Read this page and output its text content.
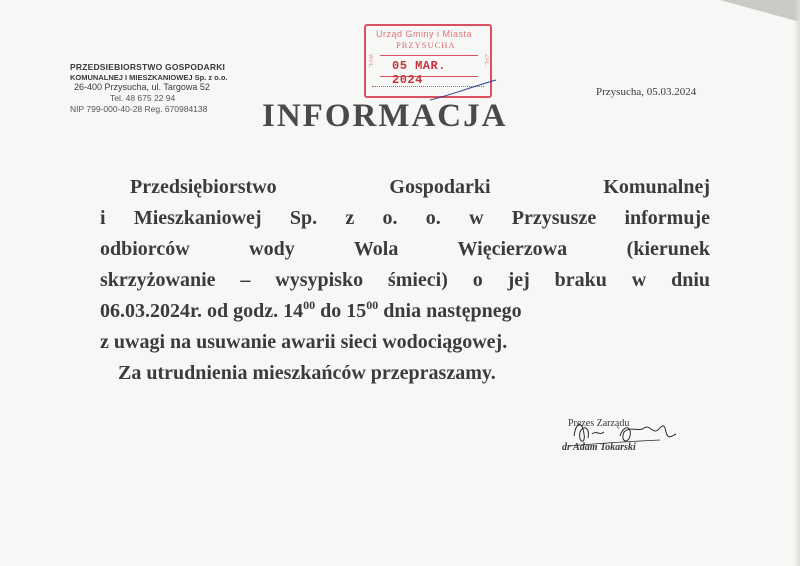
PRZEDSIEBIORSTWO GOSPODARKI
KOMUNALNEJ I MIESZKANIOWEJ Sp. z o.o.
26-400 Przysucha, ul. Targowa 52
Tel. 48 675 22 94
NIP 799-000-40-28 Reg. 670984138
Urząd Gminy i Miasta
PRZYSUCHA
WPŁ.	ZAŁ.
05 MAR. 2024
Przysucha, 05.03.2024
INFORMACJA
Przedsiębiorstwo Gospodarki Komunalnej
i Mieszkaniowej Sp. z o. o. w Przysusze informuje
odbiorców wody Wola Więcierzowa (kierunek
skrzyżowanie – wysypisko śmieci) o jej braku w dniu
06.03.2024r. od godz. $14^{00}$ do $15^{00}$ dnia następnego
z uwagi na usuwanie awarii sieci wodociągowej.
Za utrudnienia mieszkańców przepraszamy.
Prezes Zarządu
dr Adam Tokarski
